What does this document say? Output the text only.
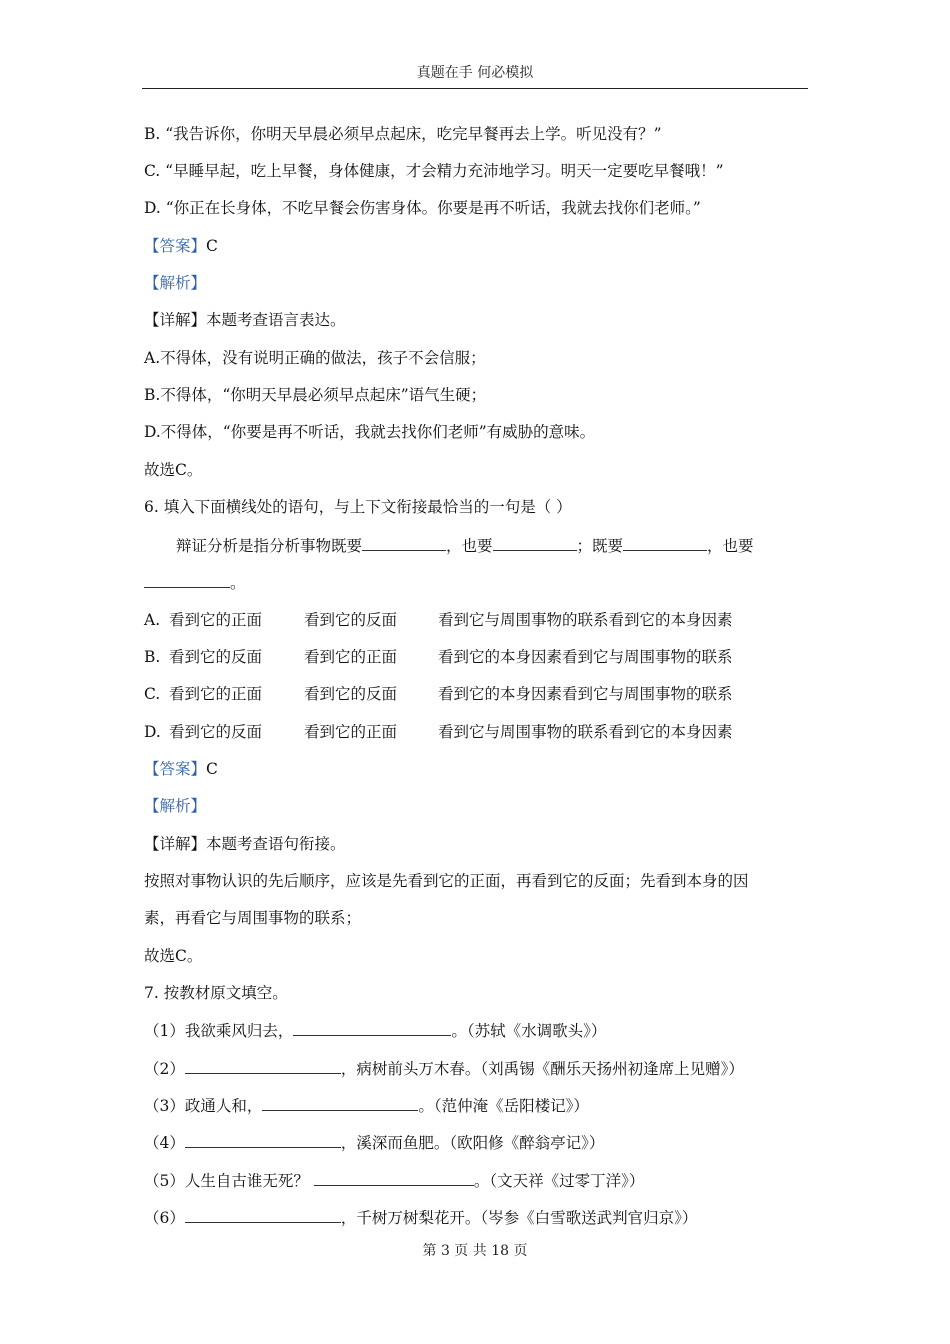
真题在手 何必模拟
B. “我告诉你，你明天早晨必须早点起床，吃完早餐再去上学。听见没有？”
C. “早睡早起，吃上早餐，身体健康，才会精力充沛地学习。明天一定要吃早餐哦！”
D. “你正在长身体，不吃早餐会伤害身体。你要是再不听话，我就去找你们老师。”
【答案】C
【解析】
【详解】本题考查语言表达。
A.不得体，没有说明正确的做法，孩子不会信服；
B.不得体，“你明天早晨必须早点起床”语气生硬；
D.不得体，“你要是再不听话，我就去找你们老师”有威胁的意味。
故选C。
6. 填入下面横线处的语句，与上下文衔接最恰当的一句是（ ）
辩证分析是指分析事物既要	，也要	；既要	，也要
。
A. 看到它的正面	看到它的反面	看到它与周围事物的联系看到它的本身因素
B. 看到它的反面	看到它的正面	看到它的本身因素看到它与周围事物的联系
C. 看到它的正面	看到它的反面	看到它的本身因素看到它与周围事物的联系
D. 看到它的反面	看到它的正面	看到它与周围事物的联系看到它的本身因素
【答案】C
【解析】
【详解】本题考查语句衔接。
按照对事物认识的先后顺序，应该是先看到它的正面，再看到它的反面；先看到本身的因
素，再看它与周围事物的联系；
故选C。
7. 按教材原文填空。
（1）我欲乘风归去，	。（苏轼《水调歌头》）
（2）	，病树前头万木春。（刘禹锡《酬乐天扬州初逢席上见赠》）
（3）政通人和，	。（范仲淹《岳阳楼记》）
（4）	，溪深而鱼肥。（欧阳修《醉翁亭记》）
（5）人生自古谁无死？	。（文天祥《过零丁洋》）
（6）	，千树万树梨花开。（岑参《白雪歌送武判官归京》）
第 3 页 共 18 页
